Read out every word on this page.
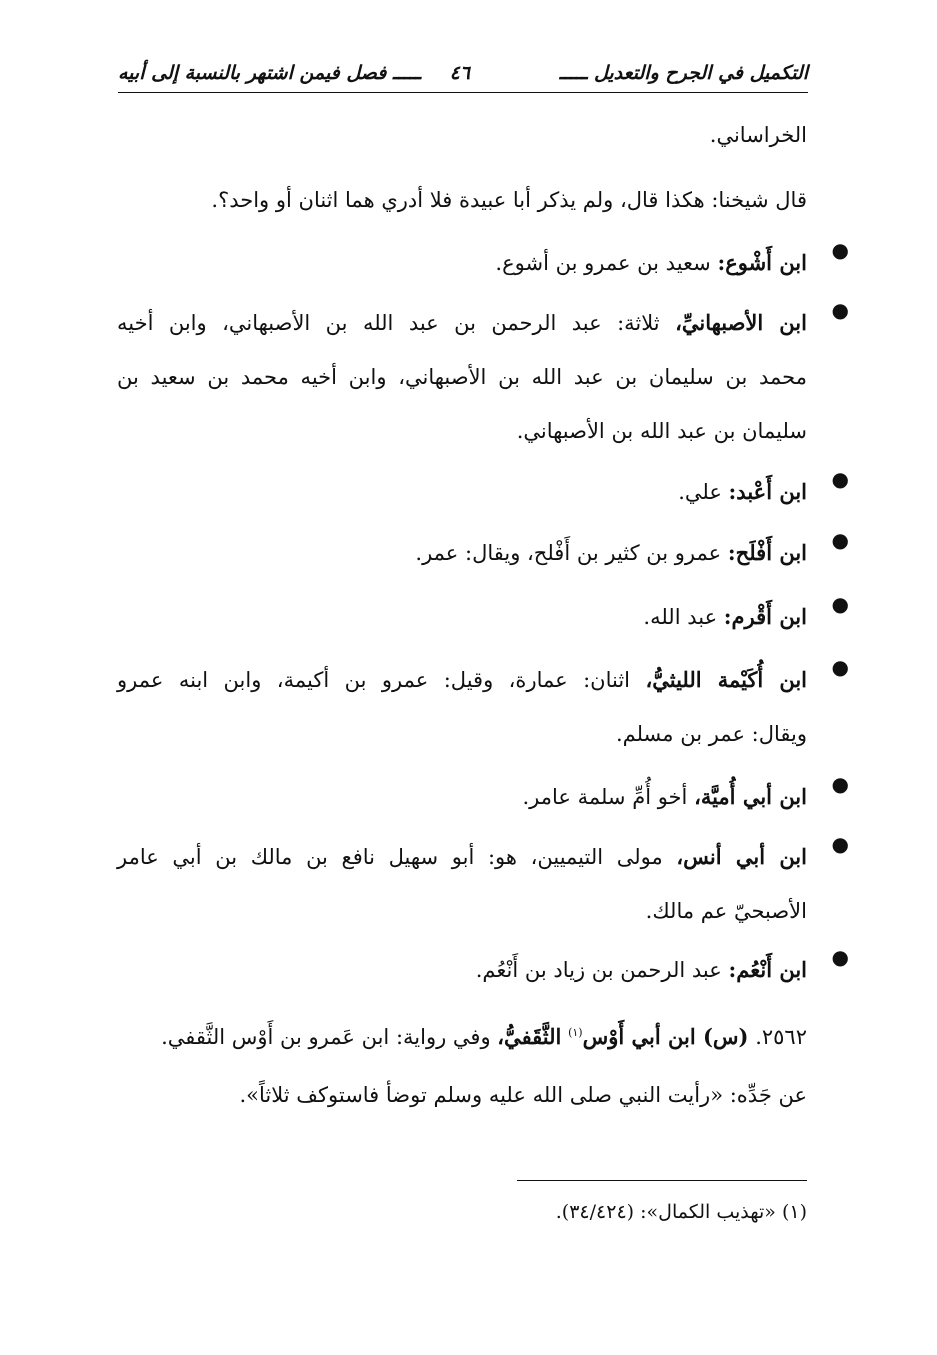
التكميل في الجرح والتعديل ـــــ
٤٦
ـــــ فصل فيمن اشتهر بالنسبة إلى أبيه
الخراساني.
قال شيخنا: هكذا قال، ولم يذكر أبا عبيدة فلا أدري هما اثنان أو واحد؟.
●
ابن أَشْوع: سعيد بن عمرو بن أشوع.
●
ابن الأصبهانيِّ، ثلاثة: عبد الرحمن بن عبد الله بن الأصبهاني، وابن أخيه
محمد بن سليمان بن عبد الله بن الأصبهاني، وابن أخيه محمد بن سعيد بن
سليمان بن عبد الله بن الأصبهاني.
●
ابن أَعْبد: علي.
●
ابن أَفْلَح: عمرو بن كثير بن أَفْلح، ويقال: عمر.
●
ابن أَقْرم: عبد الله.
●
ابن أُكَيْمة الليثيُّ، اثنان: عمارة، وقيل: عمرو بن أكيمة، وابن ابنه عمرو
ويقال: عمر بن مسلم.
●
ابن أبي أُميَّة، أخو أُمِّ سلمة عامر.
●
ابن أبي أنس، مولى التيميين، هو: أبو سهيل نافع بن مالك بن أبي عامر
الأصبحيّ عم مالك.
●
ابن أَنْعُم: عبد الرحمن بن زياد بن أَنْعُم.
٢٥٦٢. (س) ابن أبي أَوْس$^{(١)}$ الثَّقَفيُّ، وفي رواية: ابن عَمرو بن أَوْس الثَّقفي.
عن جَدِّه: «رأيت النبي صلى الله عليه وسلم توضأ فاستوكف ثلاثاً».
(١) «تهذيب الكمال»: (٣٤/٤٢٤).
